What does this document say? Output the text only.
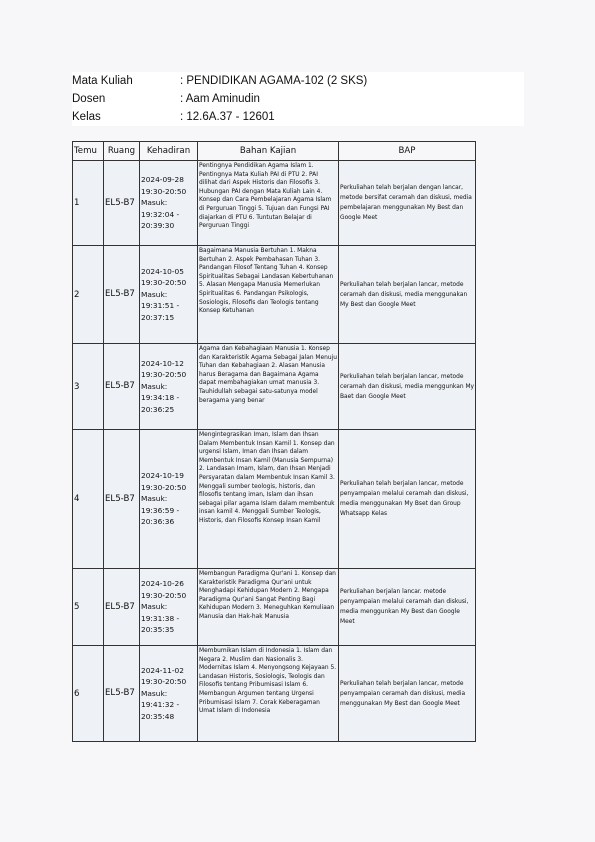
Mata Kuliah	: PENDIDIKAN AGAMA-102 (2 SKS)
Dosen	: Aam Aminudin
Kelas	: 12.6A.37 - 12601
Temu	Ruang	Kehadiran	Bahan Kajian	BAP
1	EL5-B7	2024-09-28 19:30-20:50 Masuk: 19:32:04 - 20:39:30	Pentingnya Pendidikan Agama Islam 1. Pentingnya Mata Kuliah PAI di PTU 2. PAI dilihat dari Aspek Historis dan Filosofis 3. Hubungan PAI dengan Mata Kuliah Lain 4. Konsep dan Cara Pembelajaran Agama Islam di Perguruan Tinggi 5. Tujuan dan Fungsi PAI diajarkan di PTU 6. Tuntutan Belajar di Perguruan Tinggi	Perkuliahan telah berjalan dengan lancar, metode bersifat ceramah dan diskusi, media pembelajaran menggunakan My Best dan Google Meet
2	EL5-B7	2024-10-05 19:30-20:50 Masuk: 19:31:51 - 20:37:15	Bagaimana Manusia Bertuhan 1. Makna Bertuhan 2. Aspek Pembahasan Tuhan 3. Pandangan Filosof Tentang Tuhan 4. Konsep Spiritualitas Sebagai Landasan Kebertuhanan 5. Alasan Mengapa Manusia Memerlukan Spiritualitas 6. Pandangan Psikologis, Sosiologis, Filosofis dan Teologis tentang Konsep Ketuhanan	Perkuliahan telah berjalan lancar, metode ceramah dan diskusi, media menggunakan My Best dan Google Meet
3	EL5-B7	2024-10-12 19:30-20:50 Masuk: 19:34:18 - 20:36:25	Agama dan Kebahagiaan Manusia 1. Konsep dan Karakteristik Agama Sebagai Jalan Menuju Tuhan dan Kebahagiaan 2. Alasan Manusia harus Beragama dan Bagaimana Agama dapat membahagiakan umat manusia 3. Tauhidullah sebagai satu-satunya model beragama yang benar	Perkuliahan telah berjalan lancar, metode ceramah dan diskusi, media menggunkan My Baet dan Google Meet
4	EL5-B7	2024-10-19 19:30-20:50 Masuk: 19:36:59 - 20:36:36	Mengintegrasikan Iman, Islam dan Ihsan Dalam Membentuk Insan Kamil 1. Konsep dan urgensi Islam, Iman dan Ihsan dalam Membentuk Insan Kamil (Manusia Sempurna) 2. Landasan Imam, Islam, dan Ihsan Menjadi Persyaratan dalam Membentuk Insan Kamil 3. Menggali sumber teologis, historis, dan filosofis tentang iman, Islam dan ihsan sebagai pilar agama Islam dalam membentuk insan kamil 4. Menggali Sumber Teologis, Historis, dan Filosofis Konsep Insan Kamil	Perkuliahan telah berjalan lancar, metode penyampaian melalui ceramah dan diskusi, media menggunakan My Bset dan Group Whatsapp Kelas
5	EL5-B7	2024-10-26 19:30-20:50 Masuk: 19:31:38 - 20:35:35	Membangun Paradigma Qur'ani 1. Konsep dan Karakteristik Paradigma Qur'ani untuk Menghadapi Kehidupan Modern 2. Mengapa Paradigma Qur'ani Sangat Penting Bagi Kehidupan Modern 3. Meneguhkan Kemuliaan Manusia dan Hak-hak Manusia	Perkuliahan berjalan lancar. metode penyampaian melalui ceramah dan diskusi, media menggunkan My Best dan Google Meet
6	EL5-B7	2024-11-02 19:30-20:50 Masuk: 19:41:32 - 20:35:48	Membumikan Islam di Indonesia 1. Islam dan Negara 2. Muslim dan Nasionalis 3. Modernitas Islam 4. Menyongsong Kejayaan 5. Landasan Historis, Sosiologis, Teologis dan Filosofis tentang Pribumisasi Islam 6. Membangun Argumen tentang Urgensi Pribumisasi Islam 7. Corak Keberagaman Umat Islam di Indonesia	Perkuliahan telah berjalan lancar, metode penyampaian ceramah dan diskusi, media menggunakan My Best dan Google Meet
